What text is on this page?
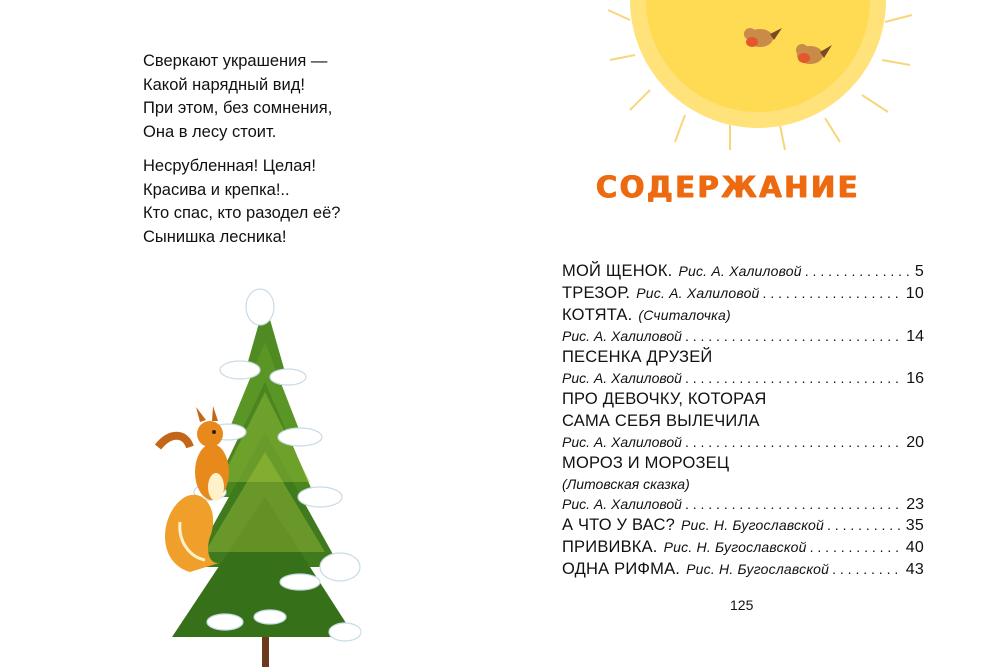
Сверкают украшения —
Какой нарядный вид!
При этом, без сомнения,
Она в лесу стоит.
Несрубленная! Целая!
Красива и крепка!..
Кто спас, кто разодел её?
Сынишка лесника!
СОДЕРЖАНИЕ
МОЙ ЩЕНОК. Рис. А. Халиловой . . .	5
ТРЕЗОР. Рис. А. Халиловой . . .	10
КОТЯТА. (Считалочка)
Рис. А. Халиловой . . .	14
ПЕСЕНКА ДРУЗЕЙ
Рис. А. Халиловой . . .	16
ПРО ДЕВОЧКУ, КОТОРАЯ
САМА СЕБЯ ВЫЛЕЧИЛА
Рис. А. Халиловой . . .	20
МОРОЗ И МОРОЗЕЦ
(Литовская сказка)
Рис. А. Халиловой . . .	23
А ЧТО У ВАС? Рис. Н. Бугославской . . .	35
ПРИВИВКА. Рис. Н. Бугославской . . .	40
ОДНА РИФМА. Рис. Н. Бугославской . . .	43
125
